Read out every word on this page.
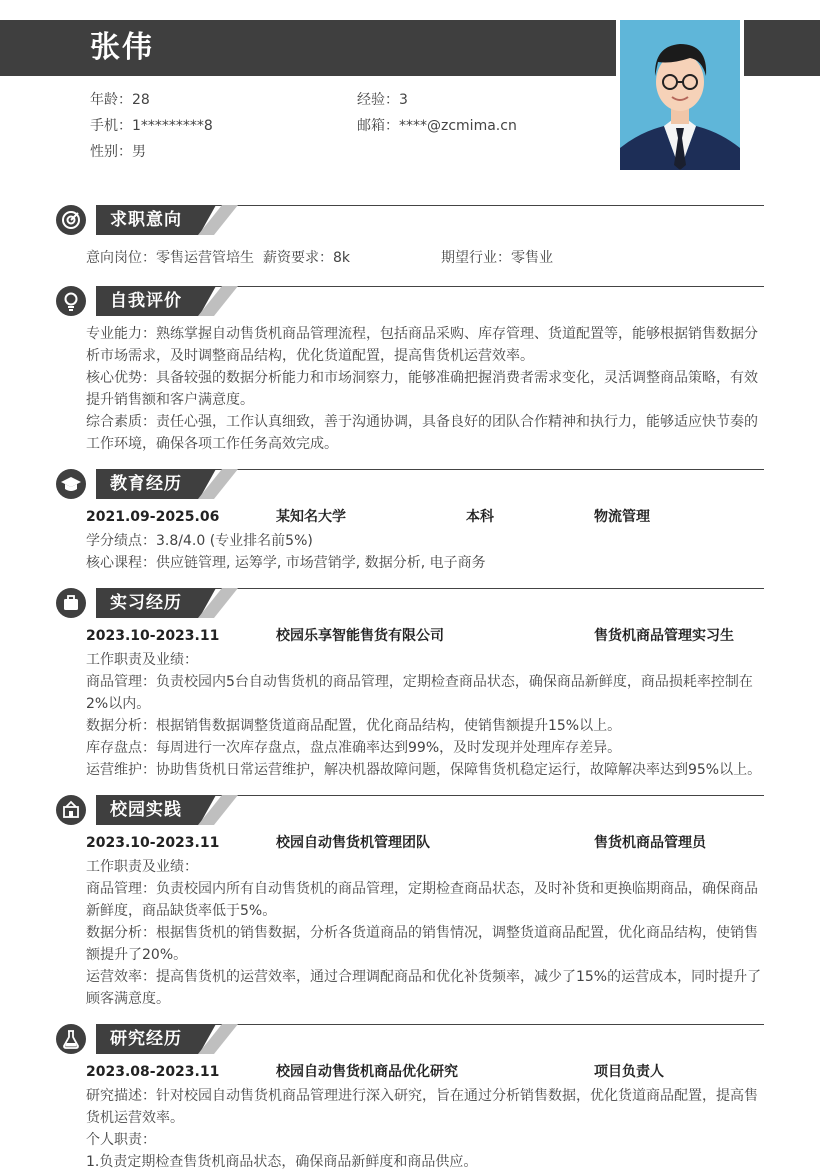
张伟
年龄：28	经验：3
手机：1*********8	邮箱：****@zcmima.cn
性别：男
求职意向
意向岗位：零售运营管培生 薪资要求：8k	期望行业：零售业
自我评价
专业能力：熟练掌握自动售货机商品管理流程，包括商品采购、库存管理、货道配置等，能够根据销售数据分析市场需求，及时调整商品结构，优化货道配置，提高售货机运营效率。
核心优势：具备较强的数据分析能力和市场洞察力，能够准确把握消费者需求变化，灵活调整商品策略，有效提升销售额和客户满意度。
综合素质：责任心强，工作认真细致，善于沟通协调，具备良好的团队合作精神和执行力，能够适应快节奏的工作环境，确保各项工作任务高效完成。
教育经历
2021.09-2025.06	某知名大学	本科	物流管理
学分绩点：3.8/4.0 (专业排名前5%)
核心课程：供应链管理, 运筹学, 市场营销学, 数据分析, 电子商务
实习经历
2023.10-2023.11	校园乐享智能售货有限公司	售货机商品管理实习生
工作职责及业绩：
商品管理：负责校园内5台自动售货机的商品管理，定期检查商品状态，确保商品新鲜度，商品损耗率控制在2%以内。
数据分析：根据销售数据调整货道商品配置，优化商品结构，使销售额提升15%以上。
库存盘点：每周进行一次库存盘点，盘点准确率达到99%，及时发现并处理库存差异。
运营维护：协助售货机日常运营维护，解决机器故障问题，保障售货机稳定运行，故障解决率达到95%以上。
校园实践
2023.10-2023.11	校园自动售货机管理团队	售货机商品管理员
工作职责及业绩：
商品管理：负责校园内所有自动售货机的商品管理，定期检查商品状态，及时补货和更换临期商品，确保商品新鲜度，商品缺货率低于5%。
数据分析：根据售货机的销售数据，分析各货道商品的销售情况，调整货道商品配置，优化商品结构，使销售额提升了20%。
运营效率：提高售货机的运营效率，通过合理调配商品和优化补货频率，减少了15%的运营成本，同时提升了顾客满意度。
研究经历
2023.08-2023.11	校园自动售货机商品优化研究	项目负责人
研究描述：针对校园自动售货机商品管理进行深入研究，旨在通过分析销售数据，优化货道商品配置，提高售货机运营效率。
个人职责：
1.负责定期检查售货机商品状态，确保商品新鲜度和商品供应。
